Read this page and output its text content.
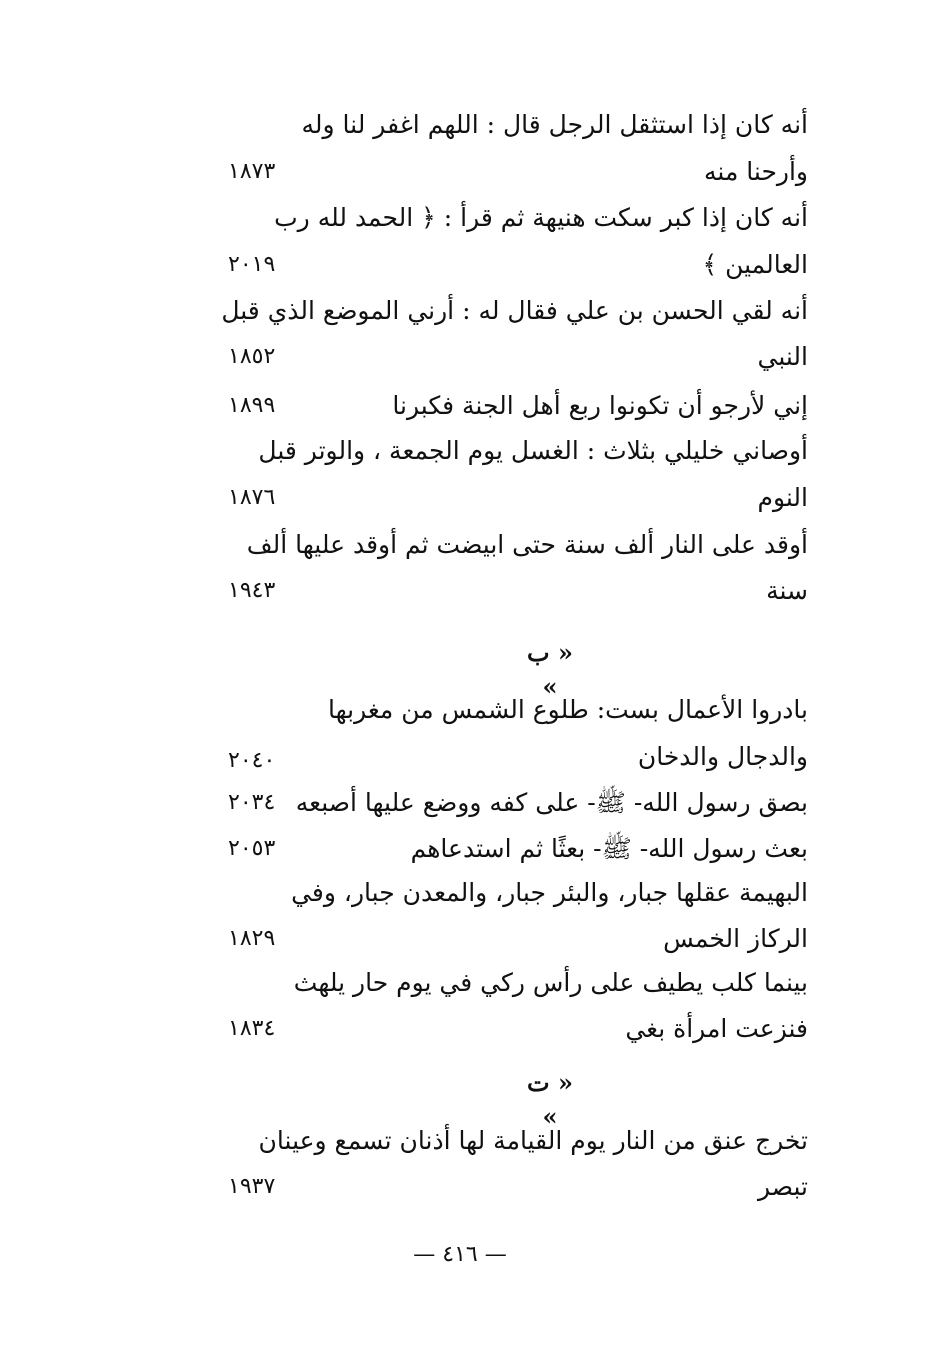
أنه كان إذا استثقل الرجل قال : اللهم اغفر لنا وله
وأرحنا منه
١٨٧٣
أنه كان إذا كبر سكت هنيهة ثم قرأ : ﴿ الحمد لله رب
العالمين ﴾
٢٠١٩
أنه لقي الحسن بن علي فقال له : أرني الموضع الذي قبل
النبي
١٨٥٢
إني لأرجو أن تكونوا ربع أهل الجنة فكبرنا
١٨٩٩
أوصاني خليلي بثلاث : الغسل يوم الجمعة ، والوتر قبل
النوم
١٨٧٦
أوقد على النار ألف سنة حتى ابيضت ثم أوقد عليها ألف
سنة
١٩٤٣
« ب »
بادروا الأعمال بست: طلوع الشمس من مغربها
والدجال والدخان
٢٠٤٠
بصق رسول الله- ﷺ- على كفه ووضع عليها أصبعه
٢٠٣٤
بعث رسول الله- ﷺ- بعثًا ثم استدعاهم
٢٠٥٣
البهيمة عقلها جبار، والبئر جبار، والمعدن جبار، وفي
الركاز الخمس
١٨٢٩
بينما كلب يطيف على رأس ركي في يوم حار يلهث
فنزعت امرأة بغي
١٨٣٤
« ت »
تخرج عنق من النار يوم القيامة لها أذنان تسمع وعينان
تبصر
١٩٣٧
— ٤١٦ —
